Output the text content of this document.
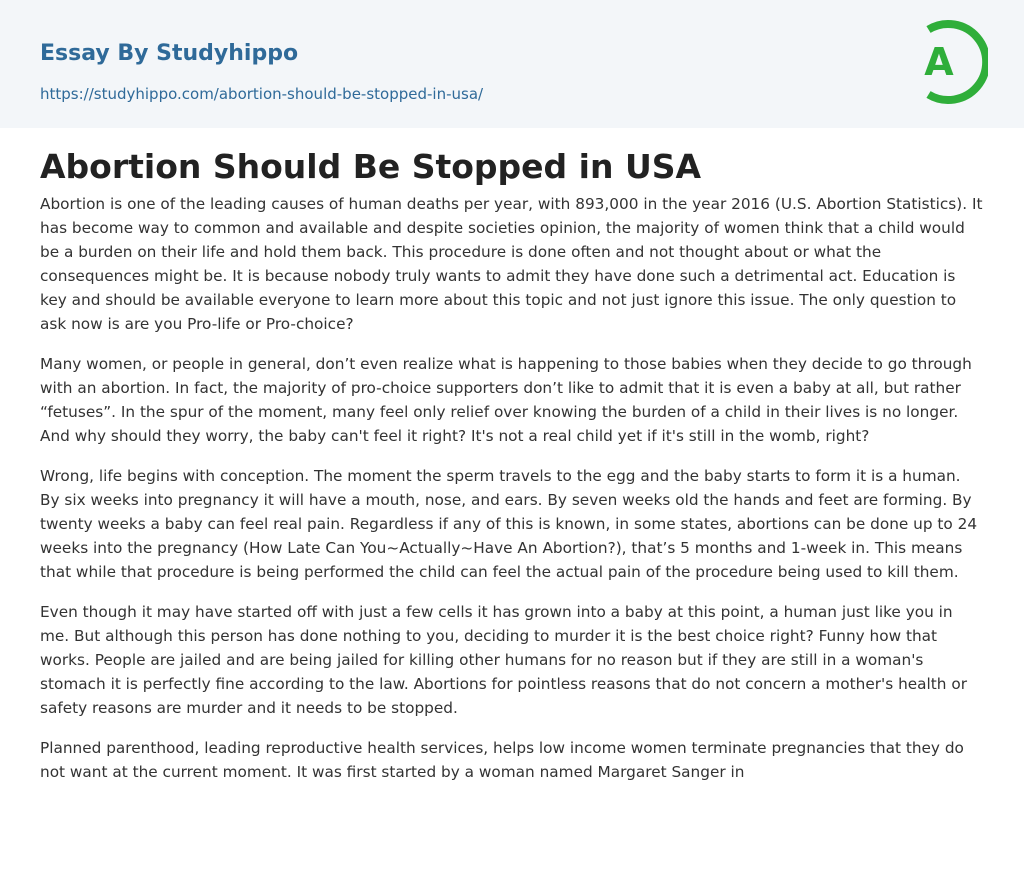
Essay By Studyhippo
https://studyhippo.com/abortion-should-be-stopped-in-usa/
A
Abortion Should Be Stopped in USA

Abortion is one of the leading causes of human deaths per year, with 893,000 in the year 2016 (U.S. Abortion Statistics). It has become way to common and available and despite societies opinion, the majority of women think that a child would be a burden on their life and hold them back. This procedure is done often and not thought about or what the consequences might be. It is because nobody truly wants to admit they have done such a detrimental act. Education is key and should be available everyone to learn more about this topic and not just ignore this issue. The only question to ask now is are you Pro-life or Pro-choice?

Many women, or people in general, don’t even realize what is happening to those babies when they decide to go through with an abortion. In fact, the majority of pro-choice supporters don’t like to admit that it is even a baby at all, but rather “fetuses”. In the spur of the moment, many feel only relief over knowing the burden of a child in their lives is no longer. And why should they worry, the baby can't feel it right? It's not a real child yet if it's still in the womb, right?

Wrong, life begins with conception. The moment the sperm travels to the egg and the baby starts to form it is a human. By six weeks into pregnancy it will have a mouth, nose, and ears. By seven weeks old the hands and feet are forming. By twenty weeks a baby can feel real pain. Regardless if any of this is known, in some states, abortions can be done up to 24 weeks into the pregnancy (How Late Can You~Actually~Have An Abortion?), that’s 5 months and 1-week in. This means that while that procedure is being performed the child can feel the actual pain of the procedure being used to kill them.

Even though it may have started off with just a few cells it has grown into a baby at this point, a human just like you in me. But although this person has done nothing to you, deciding to murder it is the best choice right? Funny how that works. People are jailed and are being jailed for killing other humans for no reason but if they are still in a woman's stomach it is perfectly fine according to the law. Abortions for pointless reasons that do not concern a mother's health or safety reasons are murder and it needs to be stopped.

Planned parenthood, leading reproductive health services, helps low income women terminate pregnancies that they do not want at the current moment. It was first started by a woman named Margaret Sanger in
